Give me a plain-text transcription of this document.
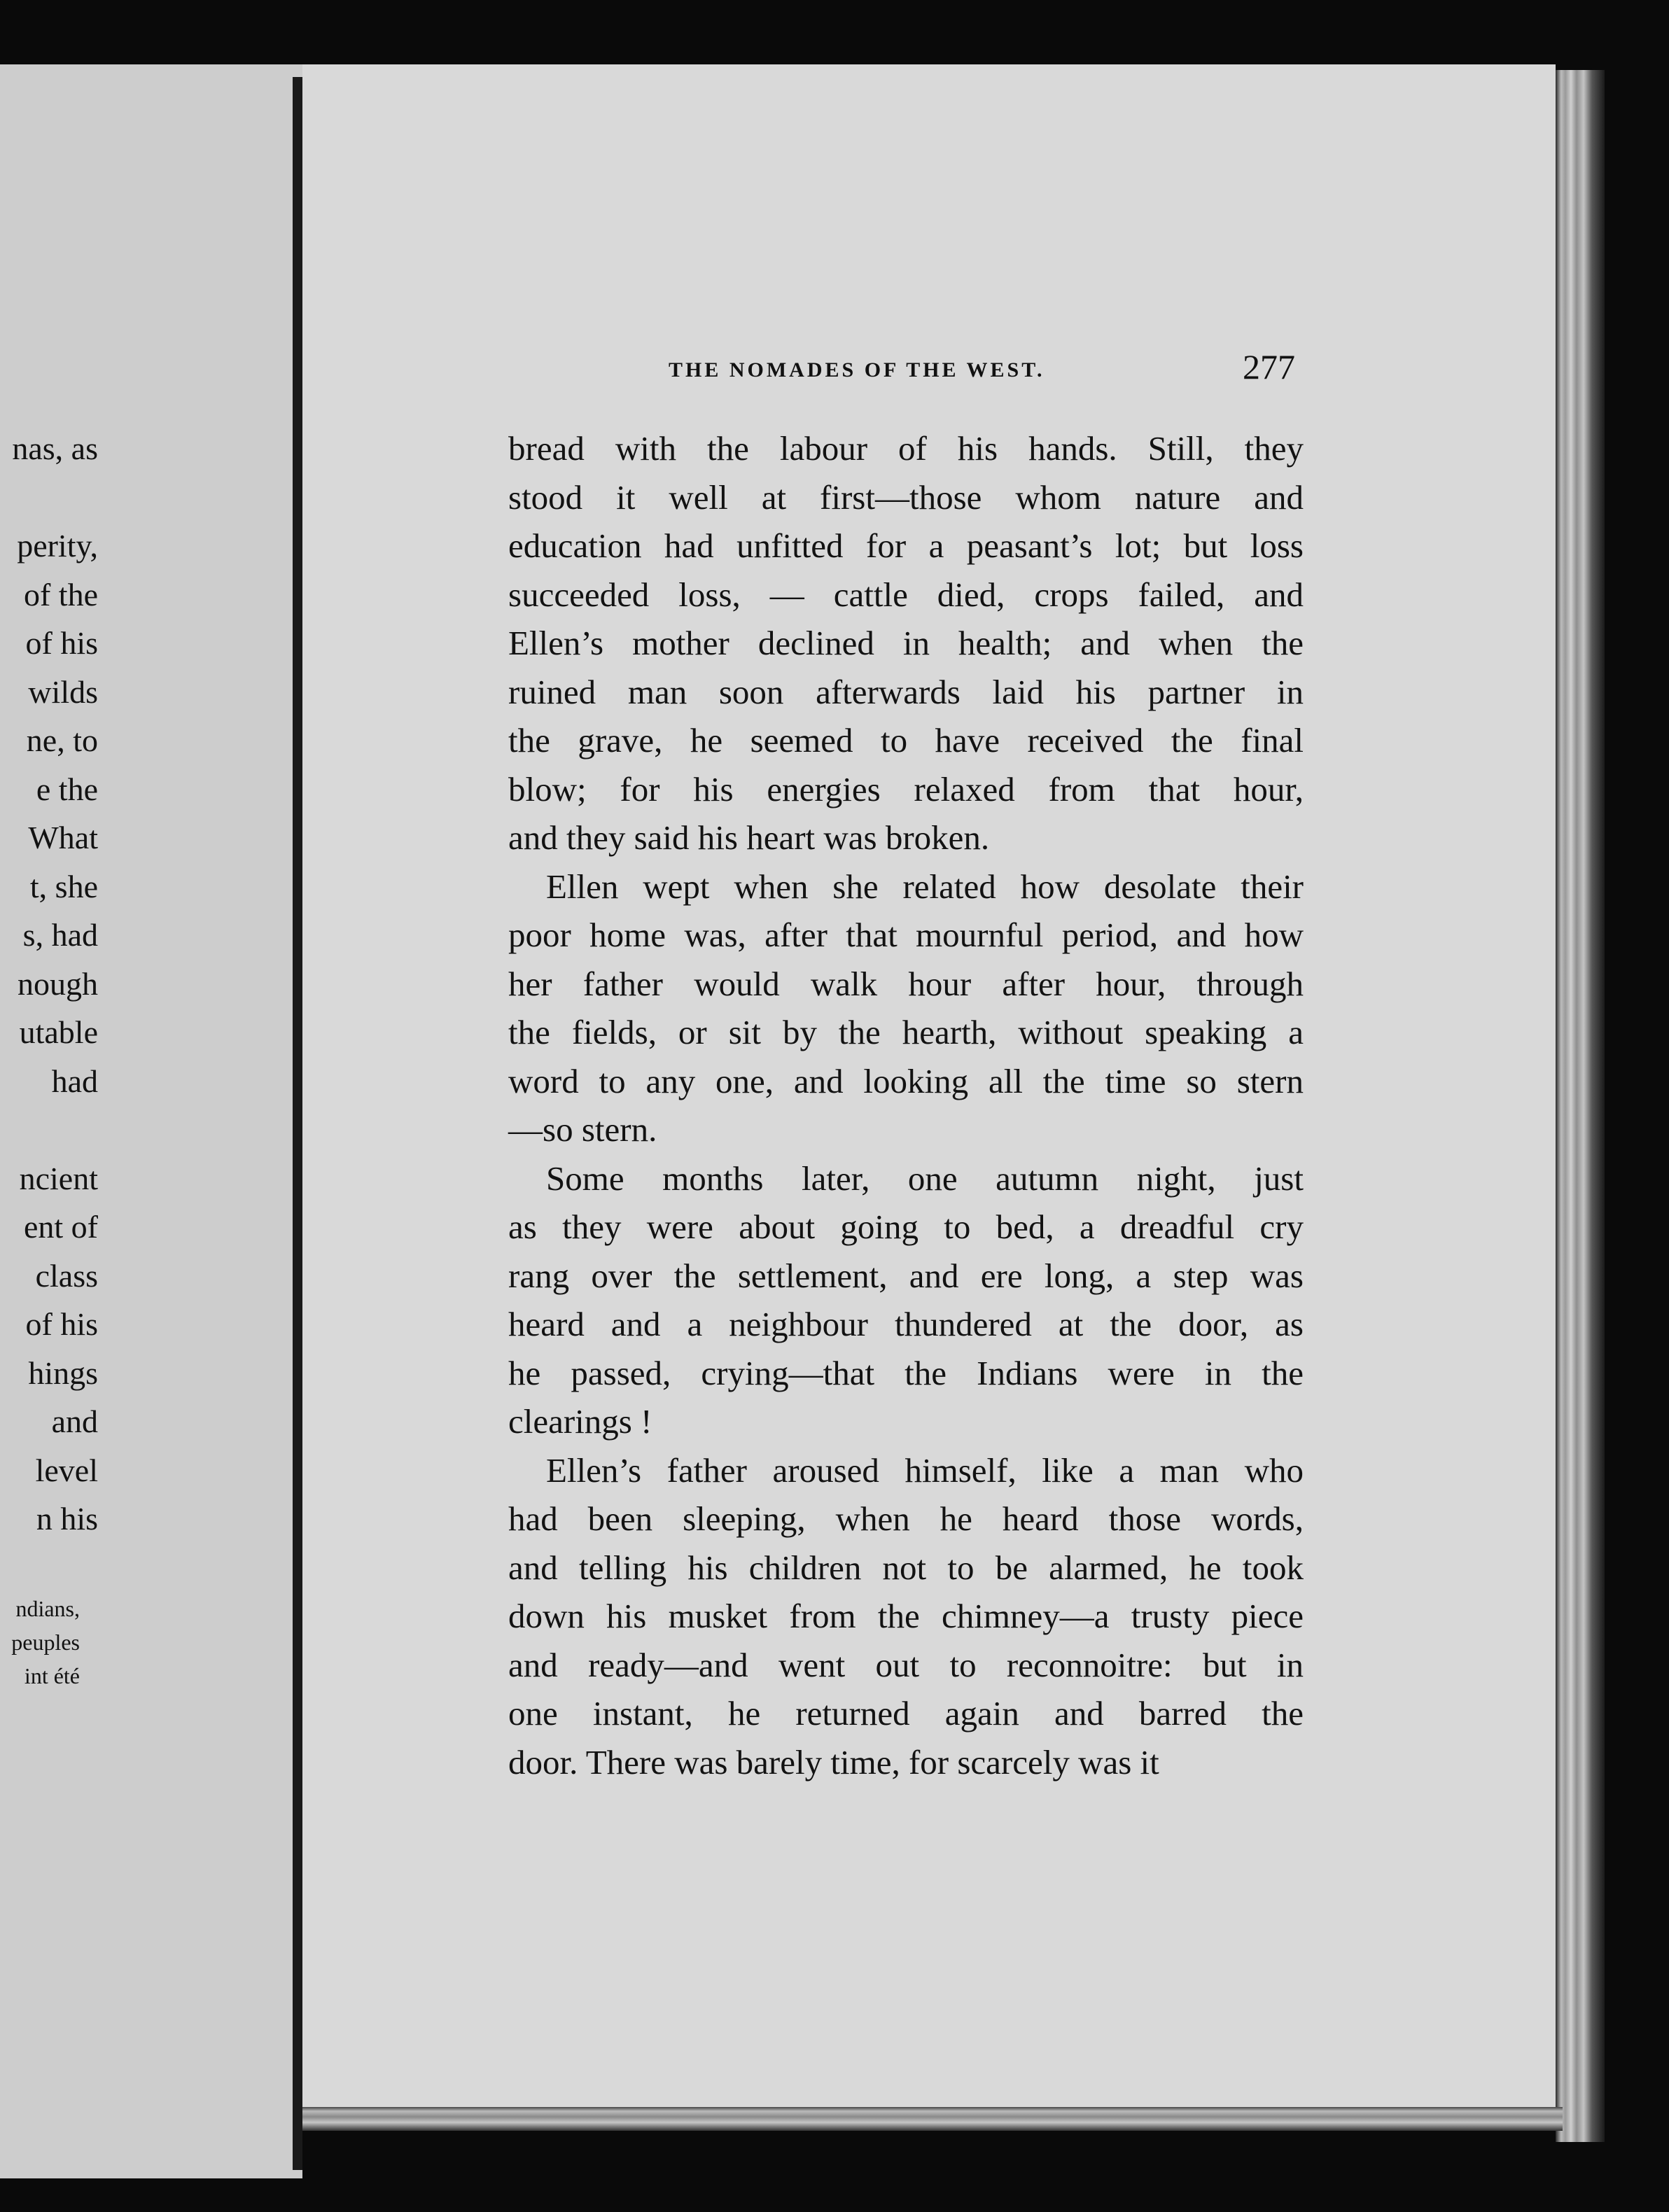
nas, as
perity,
of the
of his
wilds
ne, to
e the
What
t, she
s, had
nough
utable
had
ncient
ent of
class
of his
hings
and
level
n his
ndians,
peuples
int été
THE NOMADES OF THE WEST.	277

bread with the labour of his hands. Still, they
stood it well at first—those whom nature and
education had unfitted for a peasant’s lot; but loss
succeeded loss, — cattle died, crops failed, and
Ellen’s mother declined in health; and when the
ruined man soon afterwards laid his partner in
the grave, he seemed to have received the final
blow; for his energies relaxed from that hour,
and they said his heart was broken.

Ellen wept when she related how desolate their
poor home was, after that mournful period, and how
her father would walk hour after hour, through
the fields, or sit by the hearth, without speaking a
word to any one, and looking all the time so stern
—so stern.

Some months later, one autumn night, just
as they were about going to bed, a dreadful cry
rang over the settlement, and ere long, a step was
heard and a neighbour thundered at the door, as
he passed, crying—that the Indians were in the
clearings !

Ellen’s father aroused himself, like a man who
had been sleeping, when he heard those words,
and telling his children not to be alarmed, he took
down his musket from the chimney—a trusty piece
and ready—and went out to reconnoitre: but in
one instant, he returned again and barred the
door. There was barely time, for scarcely was it
